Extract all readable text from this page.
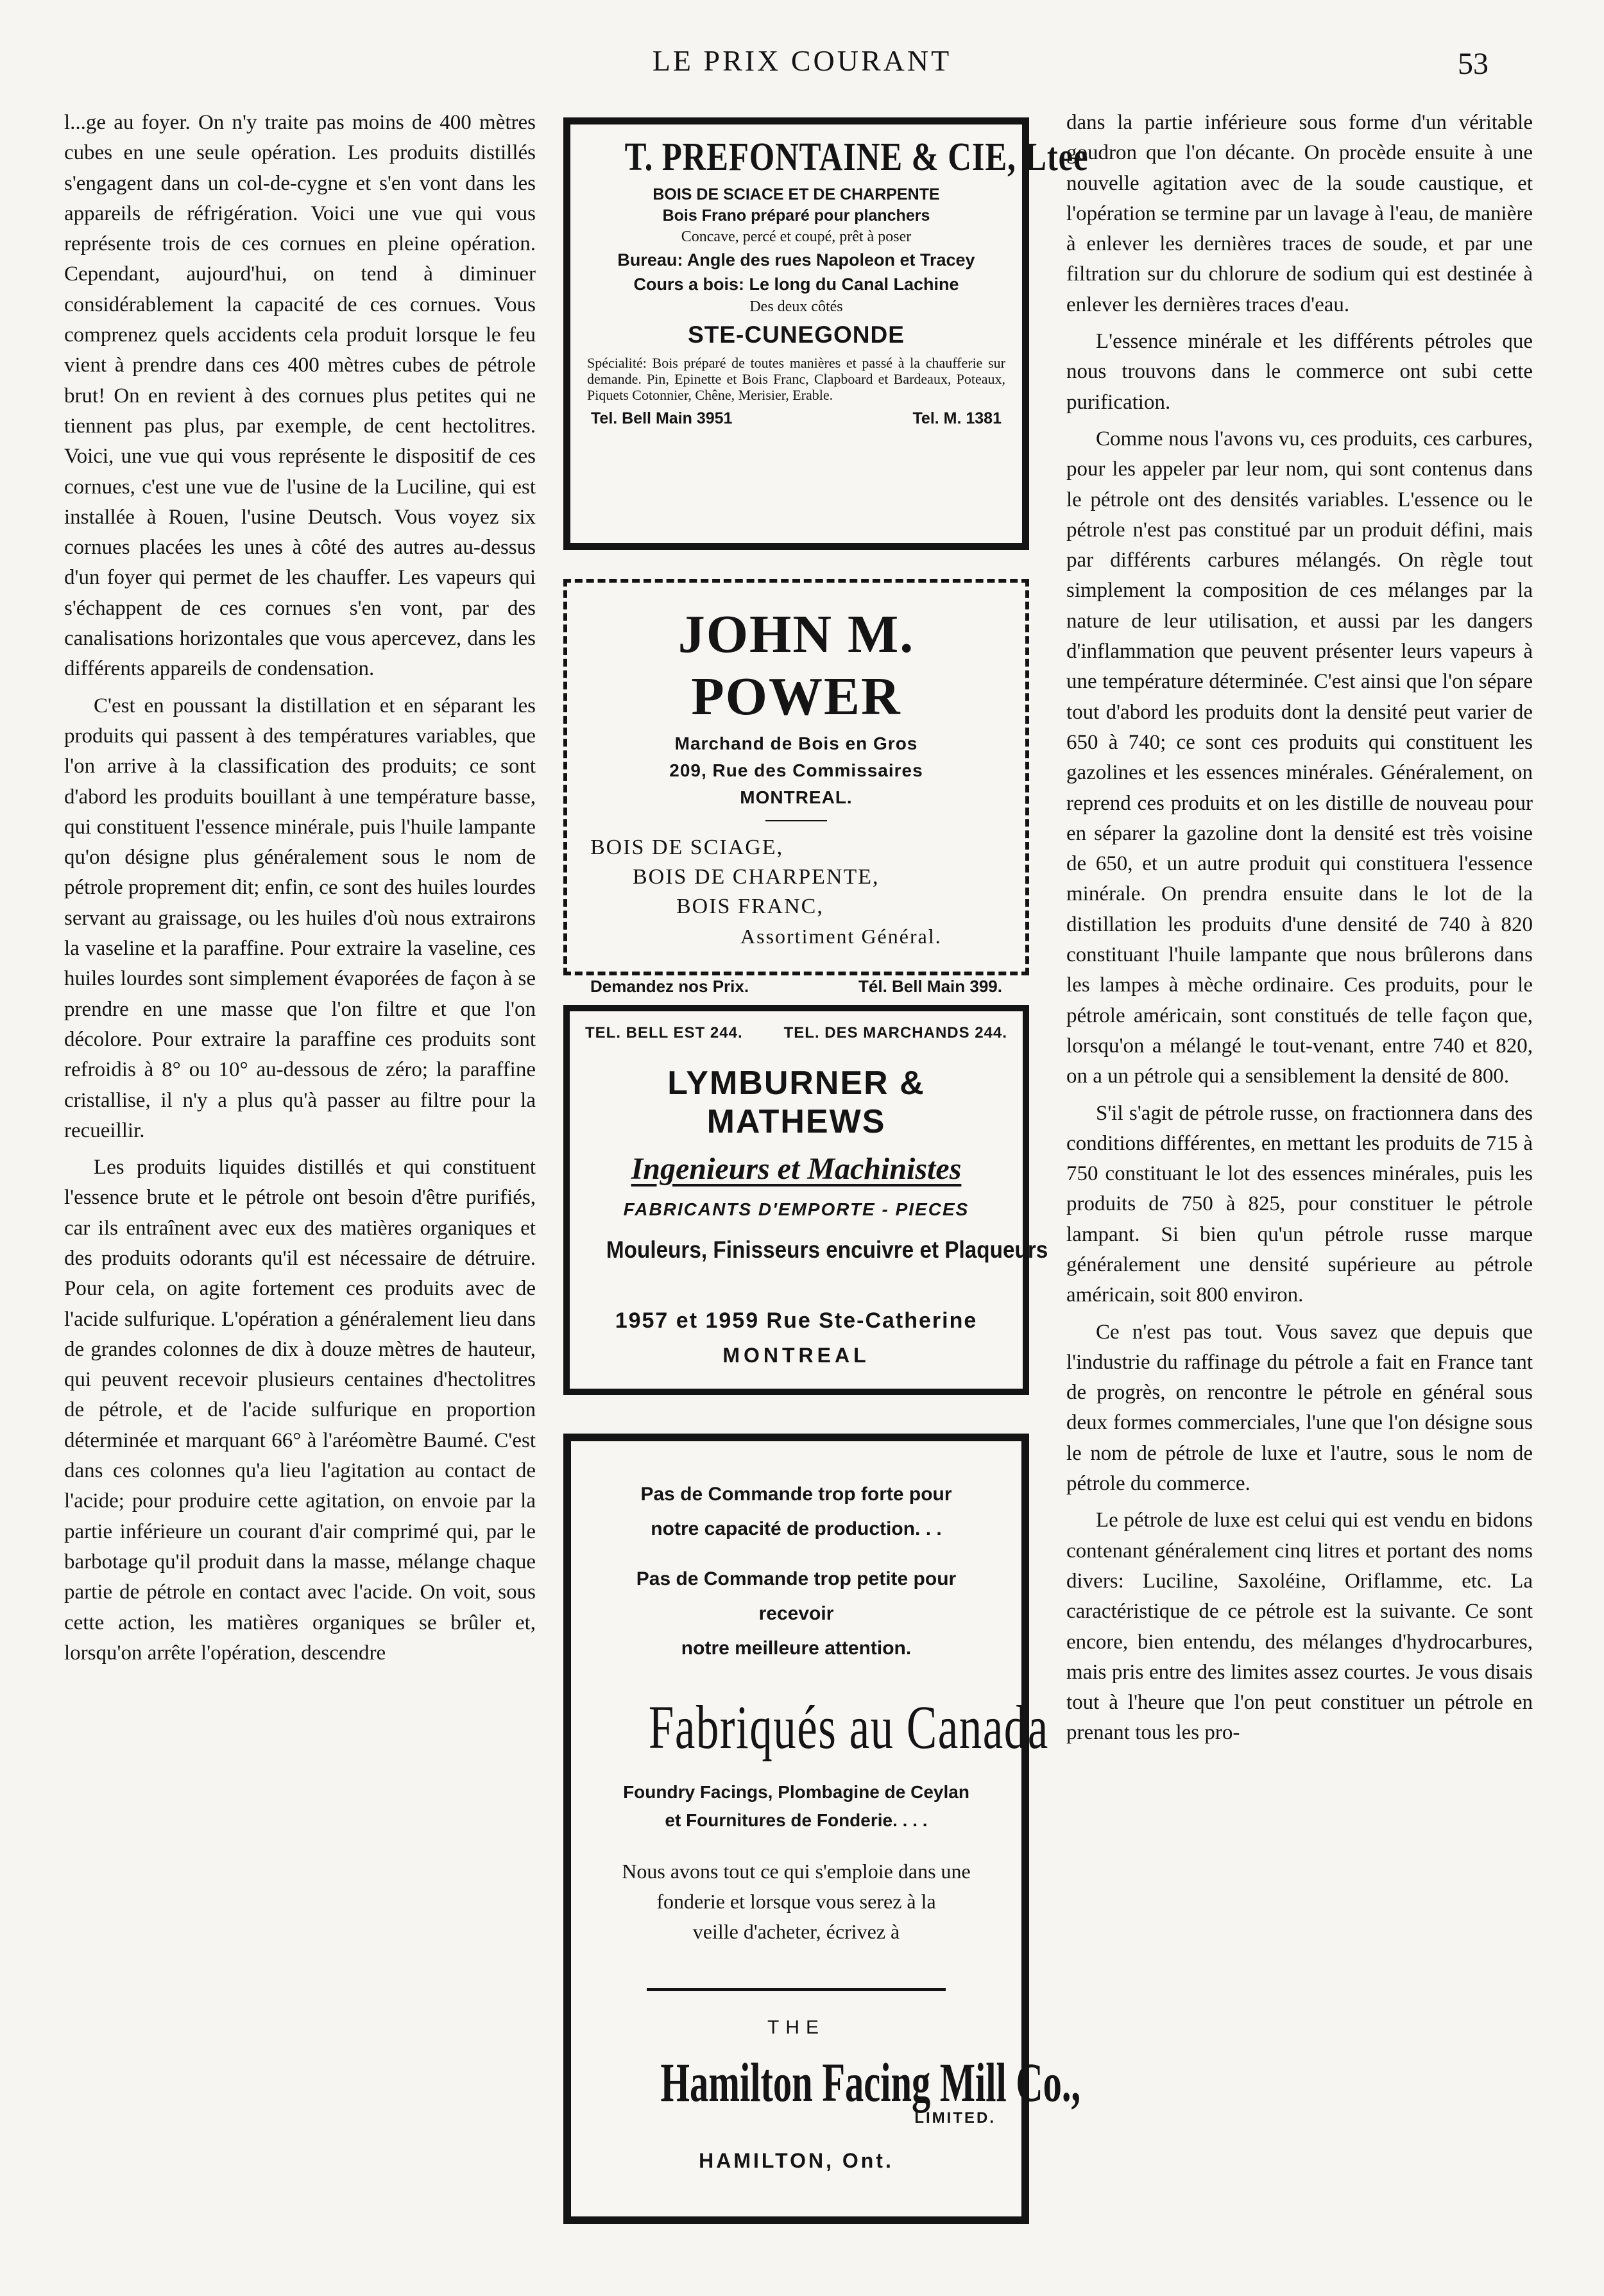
LE PRIX COURANT	53

l...ge au foyer. On n'y traite pas moins de 400 mètres cubes en une seule opération. Les produits distillés s'engagent dans un col-de-cygne et s'en vont dans les appareils de réfrigération. Voici une vue qui vous représente trois de ces cornues en pleine opération. Cependant, aujourd'hui, on tend à diminuer considérablement la capacité de ces cornues. Vous comprenez quels accidents cela produit lorsque le feu vient à prendre dans ces 400 mètres cubes de pétrole brut! On en revient à des cornues plus petites qui ne tiennent pas plus, par exemple, de cent hectolitres. Voici, une vue qui vous représente le dispositif de ces cornues, c'est une vue de l'usine de la Luciline, qui est installée à Rouen, l'usine Deutsch. Vous voyez six cornues placées les unes à côté des autres au-dessus d'un foyer qui permet de les chauffer. Les vapeurs qui s'échappent de ces cornues s'en vont, par des canalisations horizontales que vous apercevez, dans les différents appareils de condensation.

C'est en poussant la distillation et en séparant les produits qui passent à des températures variables, que l'on arrive à la classification des produits; ce sont d'abord les produits bouillant à une température basse, qui constituent l'essence minérale, puis l'huile lampante qu'on désigne plus généralement sous le nom de pétrole proprement dit; enfin, ce sont des huiles lourdes servant au graissage, ou les huiles d'où nous extrairons la vaseline et la paraffine. Pour extraire la vaseline, ces huiles lourdes sont simplement évaporées de façon à se prendre en une masse que l'on filtre et que l'on décolore. Pour extraire la paraffine ces produits sont refroidis à 8° ou 10° au-dessous de zéro; la paraffine cristallise, il n'y a plus qu'à passer au filtre pour la recueillir.

Les produits liquides distillés et qui constituent l'essence brute et le pétrole ont besoin d'être purifiés, car ils entraînent avec eux des matières organiques et des produits odorants qu'il est nécessaire de détruire. Pour cela, on agite fortement ces produits avec de l'acide sulfurique. L'opération a généralement lieu dans de grandes colonnes de dix à douze mètres de hauteur, qui peuvent recevoir plusieurs centaines d'hectolitres de pétrole, et de l'acide sulfurique en proportion déterminée et marquant 66° à l'aréomètre Baumé. C'est dans ces colonnes qu'a lieu l'agitation au contact de l'acide; pour produire cette agitation, on envoie par la partie inférieure un courant d'air comprimé qui, par le barbotage qu'il produit dans la masse, mélange chaque partie de pétrole en contact avec l'acide. On voit, sous cette action, les matières organiques se brûler et, lorsqu'on arrête l'opération, descendre

dans la partie inférieure sous forme d'un véritable goudron que l'on décante. On procède ensuite à une nouvelle agitation avec de la soude caustique, et l'opération se termine par un lavage à l'eau, de manière à enlever les dernières traces de soude, et par une filtration sur du chlorure de sodium qui est destinée à enlever les dernières traces d'eau.

L'essence minérale et les différents pétroles que nous trouvons dans le commerce ont subi cette purification.

Comme nous l'avons vu, ces produits, ces carbures, pour les appeler par leur nom, qui sont contenus dans le pétrole ont des densités variables. L'essence ou le pétrole n'est pas constitué par un produit défini, mais par différents carbures mélangés. On règle tout simplement la composition de ces mélanges par la nature de leur utilisation, et aussi par les dangers d'inflammation que peuvent présenter leurs vapeurs à une température déterminée. C'est ainsi que l'on sépare tout d'abord les produits dont la densité peut varier de 650 à 740; ce sont ces produits qui constituent les gazolines et les essences minérales. Généralement, on reprend ces produits et on les distille de nouveau pour en séparer la gazoline dont la densité est très voisine de 650, et un autre produit qui constituera l'essence minérale. On prendra ensuite dans le lot de la distillation les produits d'une densité de 740 à 820 constituant l'huile lampante que nous brûlerons dans les lampes à mèche ordinaire. Ces produits, pour le pétrole américain, sont constitués de telle façon que, lorsqu'on a mélangé le tout-venant, entre 740 et 820, on a un pétrole qui a sensiblement la densité de 800.

S'il s'agit de pétrole russe, on fractionnera dans des conditions différentes, en mettant les produits de 715 à 750 constituant le lot des essences minérales, puis les produits de 750 à 825, pour constituer le pétrole lampant. Si bien qu'un pétrole russe marque généralement une densité supérieure au pétrole américain, soit 800 environ.

Ce n'est pas tout. Vous savez que depuis que l'industrie du raffinage du pétrole a fait en France tant de progrès, on rencontre le pétrole en général sous deux formes commerciales, l'une que l'on désigne sous le nom de pétrole de luxe et l'autre, sous le nom de pétrole du commerce.

Le pétrole de luxe est celui qui est vendu en bidons contenant généralement cinq litres et portant des noms divers: Luciline, Saxoléine, Oriflamme, etc. La caractéristique de ce pétrole est la suivante. Ce sont encore, bien entendu, des mélanges d'hydrocarbures, mais pris entre des limites assez courtes. Je vous disais tout à l'heure que l'on peut constituer un pétrole en prenant tous les pro-

T. PREFONTAINE & CIE, Ltee
BOIS DE SCIACE ET DE CHARPENTE
Bois Frano préparé pour planchers
Concave, percé et coupé, prêt à poser
Bureau: Angle des rues Napoleon et Tracey
Cours a bois: Le long du Canal Lachine
Des deux côtés
STE-CUNEGONDE
Spécialité: Bois préparé de toutes manières et passé à la chaufferie sur demande. Pin, Epinette et Bois Franc, Clapboard et Bardeaux, Poteaux, Piquets Cotonnier, Chêne, Merisier, Erable.
Tel. Bell Main 3951	Tel. M. 1381
JOHN M. POWER
Marchand de Bois en Gros
209, Rue des Commissaires
MONTREAL.
BOIS DE SCIAGE,
BOIS DE CHARPENTE,
BOIS FRANC,
Assortiment Général.
Demandez nos Prix.	Tél. Bell Main 399.
TEL. BELL EST 244.	TEL. DES MARCHANDS 244.
LYMBURNER & MATHEWS
Ingenieurs et Machinistes
FABRICANTS D'EMPORTE - PIECES
Mouleurs, Finisseurs encuivre et Plaqueurs
1957 et 1959 Rue Ste-Catherine
MONTREAL
Pas de Commande trop forte pour
notre capacité de production. . .
Pas de Commande trop petite pour recevoir
notre meilleure attention.
Fabriqués au Canada
Foundry Facings, Plombagine de Ceylan
et Fournitures de Fonderie. . . .
Nous avons tout ce qui s'emploie dans une
fonderie et lorsque vous serez à la
veille d'acheter, écrivez à
THE
Hamilton Facing Mill Co.,
LIMITED.
HAMILTON, Ont.
